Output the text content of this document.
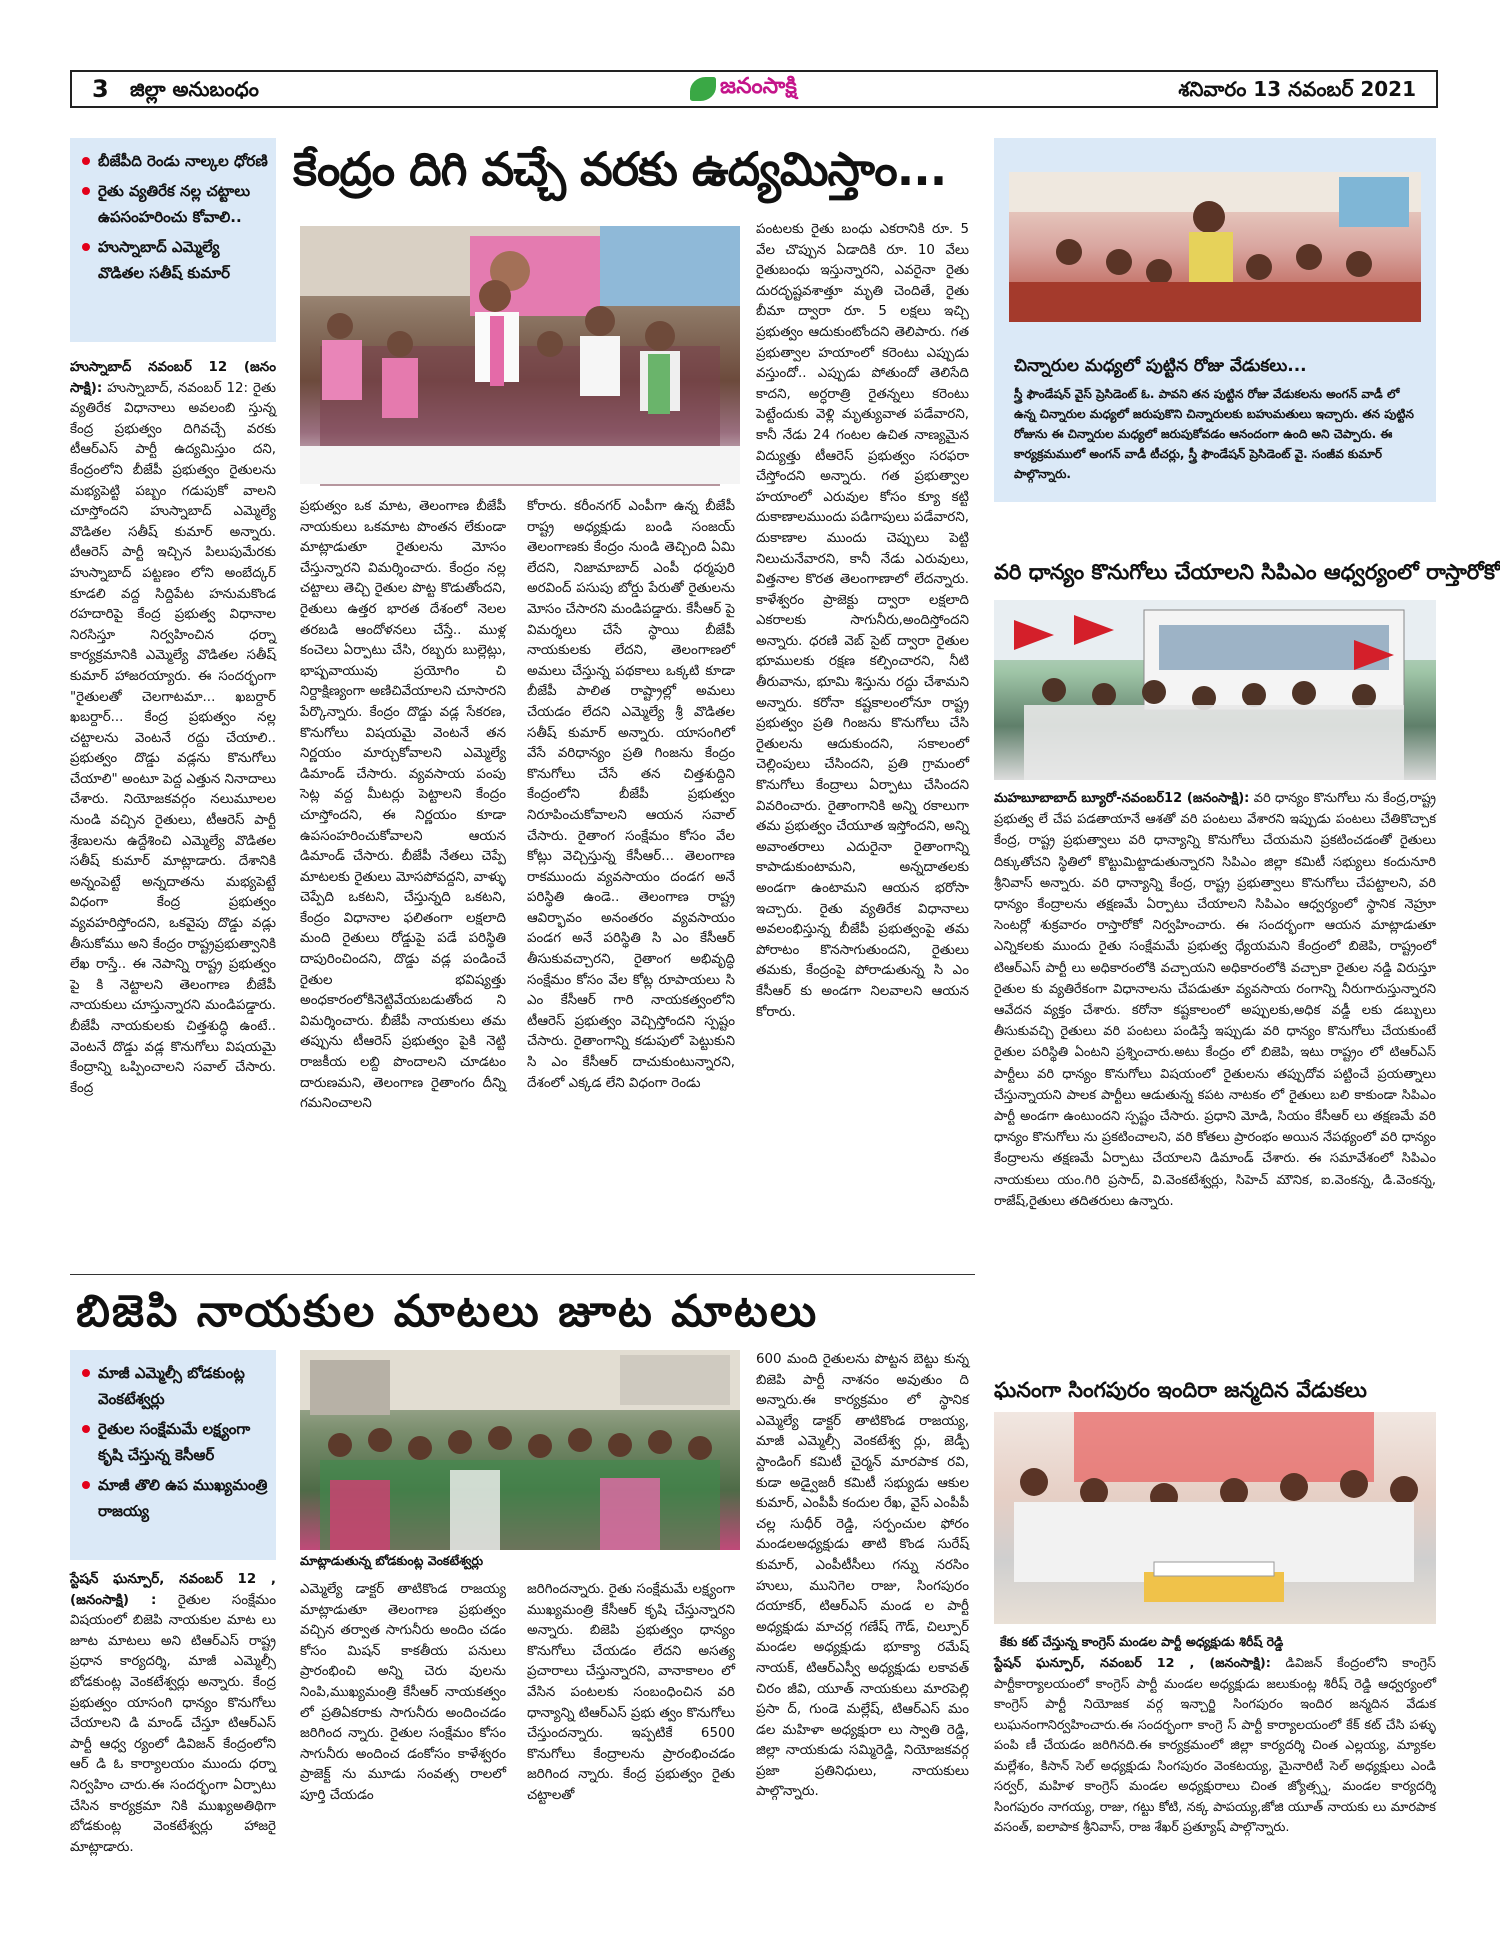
3 జిల్లా అనుబంధం	శనివారం 13 నవంబర్ 2021
జనంసాక్షి
బీజేపీది రెండు నాల్కల ధోరణి
రైతు వ్యతిరేక నల్ల చట్టాలు ఉపసంహరించు కోవాలి..
హుస్నాబాద్ ఎమ్మెల్యే వొడితల సతీష్ కుమార్
కేంద్రం దిగి వచ్చే వరకు ఉద్యమిస్తాం...
హుస్నాబాద్ నవంబర్ 12 (జనం సాక్షి): హుస్నాబాద్, నవంబర్ 12: రైతు వ్యతిరేక విధానాలు అవలంబి స్తున్న కేంద్ర ప్రభుత్వం దిగివచ్చే వరకు టీఆర్ఎస్ పార్టీ ఉద్యమిస్తుం దని, కేంద్రంలోని బీజేపీ ప్రభుత్వం రైతులను మభ్యపెట్టి పబ్బం గడుపుకో వాలని చూస్తోందని హుస్నాబాద్ ఎమ్మెల్యే వొడితల సతీష్ కుమార్ అన్నారు. టీఆరెస్ పార్టీ ఇచ్చిన పిలుపుమేరకు హుస్నాబాద్ పట్టణం లోని అంబేద్కర్ కూడలి వద్ద సిద్దిపేట హనుమకొండ రహదారిపై కేంద్ర ప్రభుత్వ విధానాల నిరసిస్తూ నిర్వహించిన ధర్నా కార్యక్రమానికి ఎమ్మెల్యే వొడితల సతీష్ కుమార్ హాజరయ్యారు. ఈ సందర్భంగా "రైతులతో చెలగాటమా... ఖబర్దార్ ఖబర్దార్... కేంద్ర ప్రభుత్వం నల్ల చట్టాలను వెంటనే రద్దు చేయాలి.. ప్రభుత్వం దొడ్డు వడ్లను కొనుగోలు చేయాలి" అంటూ పెద్ద ఎత్తున నినాదాలు చేశారు. నియోజకవర్గం నలుమూలల నుండి వచ్చిన రైతులు, టీఆరెస్ పార్టీ శ్రేణులను ఉద్దేశించి ఎమ్మెల్యే వొడితల సతీష్ కుమార్ మాట్లాడారు. దేశానికి అన్నంపెట్టే అన్నదాతను మభ్యపెట్టే విధంగా కేంద్ర ప్రభుత్వం వ్యవహరిస్తోందని, ఒకవైపు దొడ్డు వడ్లు తీసుకోము అని కేంద్రం రాష్ట్రప్రభుత్వానికి లేఖ రాస్తే.. ఈ నెపాన్ని రాష్ట్ర ప్రభుత్వం పై కి నెట్టాలని తెలంగాణ బీజేపీ నాయకులు చూస్తున్నారని మండిపడ్డారు. బీజేపీ నాయకులకు చిత్తశుద్ధి ఉంటే.. వెంటనే దొడ్డు వడ్ల కొనుగోలు విషయమై కేంద్రాన్ని ఒప్పించాలని సవాల్ చేసారు. కేంద్ర
ప్రభుత్వం ఒక మాట, తెలంగాణ బీజేపీ నాయకులు ఒకమాట పొంతన లేకుండా మాట్లాడుతూ రైతులను మోసం చేస్తున్నారని విమర్శించారు. కేంద్రం నల్ల చట్టాలు తెచ్చి రైతుల పొట్ట కొడుతోందని, రైతులు ఉత్తర భారత దేశంలో నెలల తరబడి ఆందోళనలు చేస్తే.. ముళ్ల కంచెలు ఏర్పాటు చేసి, రబ్బరు బుల్లెట్లు, భాష్పవాయువు ప్రయోగిం చి నిర్దాక్షిణ్యంగా అణిచివేయాలని చూసారని పేర్కొన్నారు. కేంద్రం దొడ్డు వడ్ల సేకరణ, కొనుగోలు విషయమై వెంటనే తన నిర్ణయం మార్చుకోవాలని ఎమ్మెల్యే డిమాండ్ చేసారు. వ్యవసాయ పంపు సెట్ల వద్ద మీటర్లు పెట్టాలని కేంద్రం చూస్తోందని, ఈ నిర్ణయం కూడా ఉపసంహరించుకోవాలని ఆయన డిమాండ్ చేసారు. బీజేపీ నేతలు చెప్పే మాటలకు రైతులు మోసపోవద్దని, వాళ్ళు చెప్పేది ఒకటని, చేస్తున్నది ఒకటని, కేంద్రం విధానాల ఫలితంగా లక్షలాది మంది రైతులు రోడ్డుపై పడే పరిస్థితి దాపురించిందని, దొడ్డు వడ్ల పండించే రైతుల భవిష్యత్తు అంధకారంలోకినెట్టివేయబడుతోంద ని విమర్శించారు. బీజేపీ నాయకులు తమ తప్పును టీఆరెస్ ప్రభుత్వం పైకి నెట్టి రాజకీయ లబ్ది పొందాలని చూడటం దారుణమని, తెలంగాణ రైతాంగం దీన్ని గమనించాలని
కోరారు. కరీంనగర్ ఎంపీగా ఉన్న బీజేపీ రాష్ట్ర అధ్యక్షుడు బండి సంజయ్ తెలంగాణకు కేంద్రం నుండి తెచ్చింది ఏమి లేదని, నిజామాబాద్ ఎంపీ ధర్మపురి అరవింద్ పసుపు బోర్డు పేరుతో రైతులను మోసం చేసారని మండిపడ్డారు. కేసీఆర్ పై విమర్శలు చేసే స్థాయి బీజేపీ నాయకులకు లేదని, తెలంగాణలో అమలు చేస్తున్న పథకాలు ఒక్కటి కూడా బీజేపీ పాలిత రాష్ట్రాల్లో అమలు చేయడం లేదని ఎమ్మెల్యే శ్రీ వొడితల సతీష్ కుమార్ అన్నారు. యాసంగిలో వేసే వరిధాన్యం ప్రతి గింజను కేంద్రం కొనుగోలు చేసే తన చిత్తశుద్దిని కేంద్రంలోని బీజేపీ ప్రభుత్వం నిరూపించుకోవాలని ఆయన సవాల్ చేసారు. రైతాంగ సంక్షేమం కోసం వేల కోట్లు వెచ్చిస్తున్న కేసీఆర్... తెలంగాణ రాకముందు వ్యవసాయం దండగ అనే పరిస్థితి ఉండె.. తెలంగాణ రాష్ట్ర ఆవిర్భావం అనంతరం వ్యవసాయం పండగ అనే పరిస్థితి సి ఎం కేసీఆర్ తీసుకువచ్చారని, రైతాంగ అభివృద్ధి సంక్షేమం కోసం వేల కోట్ల రూపాయలు సి ఎం కేసీఆర్ గారి నాయకత్వంలోని టీఆరెస్ ప్రభుత్వం వెచ్చిస్తోందని స్పష్టం చేసారు. రైతాంగాన్ని కడుపులో పెట్టుకుని సి ఎం కేసీఆర్ దాచుకుంటున్నారని, దేశంలో ఎక్కడ లేని విధంగా రెండు
పంటలకు రైతు బంధు ఎకరానికి రూ. 5 వేల చొప్పున ఏడాదికి రూ. 10 వేలు రైతుబంధు ఇస్తున్నారని, ఎవరైనా రైతు దురదృష్టవశాత్తూ మృతి చెందితే, రైతు బీమా ద్వారా రూ. 5 లక్షలు ఇచ్చి ప్రభుత్వం ఆదుకుంటోందని తెలిపారు. గత ప్రభుత్వాల హయాంలో కరెంటు ఎప్పుడు వస్తుందో.. ఎప్పుడు పోతుందో తెలిసేది కాదని, అర్ధరాత్రి రైతన్నలు కరెంటు పెట్టేందుకు వెళ్లి మృత్యువాత పడేవారని, కానీ నేడు 24 గంటల ఉచిత నాణ్యమైన విద్యుత్తు టీఆరెస్ ప్రభుత్వం సరఫరా చేస్తోందని అన్నారు. గత ప్రభుత్వాల హయాంలో ఎరువుల కోసం క్యూ కట్టి దుకాణాలముందు పడిగాపులు పడేవారని, దుకాణాల ముందు చెప్పులు పెట్టి నిలుచునేవారని, కానీ నేడు ఎరువులు, విత్తనాల కొరత తెలంగాణాలో లేదన్నారు. కాళేశ్వరం ప్రాజెక్టు ద్వారా లక్షలాది ఎకరాలకు సాగునీరు,అందిస్తోందని అన్నారు. ధరణి వెబ్ సైట్ ద్వారా రైతుల భూములకు రక్షణ కల్పించారని, నీటి తీరువాను, భూమి శిస్తును రద్దు చేశామని అన్నారు. కరోనా కష్టకాలంలోనూ రాష్ట్ర ప్రభుత్వం ప్రతి గింజను కొనుగోలు చేసి రైతులను ఆదుకుందని, సకాలంలో చెల్లింపులు చేసిందని, ప్రతి గ్రామంలో కొనుగోలు కేంద్రాలు ఏర్పాటు చేసిందని వివరించారు. రైతాంగానికి అన్ని రకాలుగా తమ ప్రభుత్వం చేయూత ఇస్తోందని, అన్ని అవాంతరాలు ఎదురైనా రైతాంగాన్ని కాపాడుకుంటామని, అన్నదాతలకు అండగా ఉంటామని ఆయన భరోసా ఇచ్చారు. రైతు వ్యతిరేక విధానాలు అవలంభిస్తున్న బీజేపీ ప్రభుత్వంపై తమ పోరాటం కొనసాగుతుందని, రైతులు తమకు, కేంద్రంపై పోరాడుతున్న సి ఎం కేసీఆర్ కు అండగా నిలవాలని ఆయన కోరారు.
బిజెపి నాయకుల మాటలు జూట మాటలు
మాజీ ఎమ్మెల్సీ బోడకుంట్ల వెంకటేశ్వర్లు
రైతుల సంక్షేమమే లక్ష్యంగా కృషి చేస్తున్న కెసీఆర్
మాజీ తొలి ఉప ముఖ్యమంత్రి రాజయ్య
మాట్లాడుతున్న బోడకుంట్ల వెంకటేశ్వర్లు
స్టేషన్ ఘన్పూర్, నవంబర్ 12 , (జనంసాక్షి) : రైతుల సంక్షేమం విషయంలో బిజెపి నాయకుల మాట లు జూట మాటలు అని టిఆర్ఎస్ రాష్ట్ర ప్రధాన కార్యదర్శి, మాజీ ఎమ్మెల్సీ బోడకుంట్ల వెంకటేశ్వర్లు అన్నారు. కేంద్ర ప్రభుత్వం యాసంగి ధాన్యం కొనుగోలు చేయాలని డి మాండ్ చేస్తూ టిఆర్ఎస్ పార్టీ ఆధ్వ ర్యంలో డివిజన్ కేంద్రంలోని ఆర్ డి ఓ కార్యాలయం ముందు ధర్నా నిర్వహిం చారు.ఈ సందర్భంగా ఏర్పాటు చేసిన కార్యక్రమా నికి ముఖ్యఅతిథిగా బోడకుంట్ల వెంకటేశ్వర్లు హాజరై మాట్లాడారు.
ఎమ్మెల్యే డాక్టర్ తాటికొండ రాజయ్య మాట్లాడుతూ తెలంగాణ ప్రభుత్వం వచ్చిన తర్వాత సాగునీరు అందిం చడం కోసం మిషన్ కాకతీయ పనులు ప్రారంభించి అన్ని చెరు వులను నింపి,ముఖ్యమంత్రి కేసీఆర్ నాయకత్వం లో ప్రతిఏకరాకు సాగునీరు అందించడం జరిగింద న్నారు. రైతుల సంక్షేమం కోసం సాగునీరు అందించ డంకోసం కాళేశ్వరం ప్రాజెక్ట్ ను మూడు సంవత్స రాలలో పూర్తి చేయడం
జరిగిందన్నారు. రైతు సంక్షేమమే లక్ష్యంగా ముఖ్యమంత్రి కేసీఆర్ కృషి చేస్తున్నారని అన్నారు. బిజెపి ప్రభుత్వం ధాన్యం కొనుగోలు చేయడం లేదని అసత్య ప్రచారాలు చేస్తున్నారని, వానాకాలం లో వేసిన పంటలకు సంబంధించిన వరి ధాన్యాన్ని టిఆర్ఎస్ ప్రభు త్వం కొనుగోలు చేస్తుందన్నారు. ఇప్పటికే 6500 కొనుగోలు కేంద్రాలను ప్రారంభించడం జరిగింద న్నారు. కేంద్ర ప్రభుత్వం రైతు చట్టాలతో
600 మంది రైతులను పొట్టన బెట్టు కున్న బిజెపి పార్టీ నాశనం అవుతుం ది అన్నారు.ఈ కార్యక్రమం లో స్థానిక ఎమ్మెల్యే డాక్టర్ తాటికొండ రాజయ్య, మాజీ ఎమ్మెల్సీ వెంకటేశ్వ ర్లు, జెడ్పీ స్టాండింగ్ కమిటీ చైర్మన్ మారపాక రవి, కుడా అడ్వైజరీ కమిటీ సభ్యుడు ఆకుల కుమార్, ఎంపీపీ కందుల రేఖ, వైస్ ఎంపీపీ చల్ల సుధీర్ రెడ్డి, సర్పంచుల ఫోరం మండలఅధ్యక్షుడు తాటి కొండ సురేష్ కుమార్, ఎంపీటీసీలు గన్ను నరసిం హులు, మునిగెల రాజు, సింగపురం దయాకర్, టిఆర్ఎస్ మండ ల పార్టీ అధ్యక్షుడు మాచర్ల గణేష్ గౌడ్, చిల్పూర్ మండల అధ్యక్షుడు భూక్యా రమేష్ నాయక్, టిఆర్ఎస్వీ అధ్యక్షుడు లకావత్ చిరం జీవి, యూత్ నాయకులు మారపెల్లి ప్రసా ద్, గుండె మల్లేష్, టిఆర్ఎస్ మం డల మహిళా అధ్యక్షురా లు స్వాతి రెడ్డి, జిల్లా నాయకుడు సమ్మిరెడ్డి, నియోజకవర్గ ప్రజా ప్రతినిధులు, నాయకులు పాల్గొన్నారు.
చిన్నారుల మధ్యలో పుట్టిన రోజు వేడుకలు...
స్త్రీ ఫౌండేషన్ వైస్ ప్రెసిడెంట్ ఓ. పావని తన పుట్టిన రోజు వేడుకలను అంగన్ వాడీ లో ఉన్న చిన్నారుల మధ్యలో జరుపుకొని చిన్నారులకు బహుమతులు ఇచ్చారు. తన పుట్టిన రోజును ఈ చిన్నారుల మధ్యలో జరుపుకోవడం ఆనందంగా ఉంది అని చెప్పారు. ఈ కార్యక్రమములో అంగన్ వాడీ టీచర్లు, స్త్రీ ఫౌండేషన్ ప్రెసిడెంట్ వై. సంజీవ కుమార్ పాల్గొన్నారు.
వరి ధాన్యం కొనుగోలు చేయాలని సిపిఎం ఆధ్వర్యంలో రాస్తారోకో
మహబూబాబాద్ బ్యూరో-నవంబర్12 (జనంసాక్షి): వరి ధాన్యం కొనుగోలు ను కేంద్ర,రాష్ట్ర ప్రభుత్వ లే చేప పడతాయానే ఆశతో వరి పంటలు వేశారని ఇప్పుడు పంటలు చేతికొచ్చాక కేంద్ర, రాష్ట్ర ప్రభుత్వాలు వరి ధాన్యాన్ని కొనుగోలు చేయమని ప్రకటించడంతో రైతులు దిక్కుతోచని స్థితిలో కొట్టుమిట్టాడుతున్నారని సిపిఎం జిల్లా కమిటీ సభ్యులు కందునూరి శ్రీనివాస్ అన్నారు. వరి ధాన్యాన్ని కేంద్ర, రాష్ట్ర ప్రభుత్వాలు కొనుగోలు చేపట్టాలని, వరి ధాన్యం కేంద్రాలను తక్షణమే ఏర్పాటు చేయాలని సిపిఎం ఆధ్వర్యంలో స్థానిక నెహ్రూ సెంటర్లో శుక్రవారం రాస్తారోకో నిర్వహించారు. ఈ సందర్భంగా ఆయన మాట్లాడుతూ ఎన్నికలకు ముందు రైతు సంక్షేమమే ప్రభుత్వ ధ్యేయమని కేంద్రంలో బిజెపి, రాష్ట్రంలో టిఆర్ఎస్ పార్టీ లు అధికారంలోకి వచ్చాయని అధికారంలోకి వచ్చాకా రైతుల నడ్డి విరుస్తూ రైతుల కు వ్యతిరేకంగా విధానాలను చేపడుతూ వ్యవసాయ రంగాన్ని నీరుగారుస్తున్నారని ఆవేదన వ్యక్తం చేశారు. కరోనా కష్టకాలంలో అప్పులకు,అధిక వడ్డీ లకు డబ్బులు తీసుకువచ్చి రైతులు వరి పంటలు పండిస్తే ఇప్పుడు వరి ధాన్యం కొనుగోలు చేయకుంటే రైతుల పరిస్థితి ఏంటని ప్రశ్నించారు.అటు కేంద్రం లో బిజెపి, ఇటు రాష్ట్రం లో టిఆర్ఎస్ పార్టీలు వరి ధాన్యం కొనుగోలు విషయంలో రైతులను తప్పుదోవ పట్టించే ప్రయత్నాలు చేస్తున్నాయని పాలక పార్టీలు ఆడుతున్న కపట నాటకం లో రైతులు బలి కాకుండా సిపిఎం పార్టీ అండగా ఉంటుందని స్పష్టం చేసారు. ప్రధాని మోడి, సియం కేసీఆర్ లు తక్షణమే వరి ధాన్యం కొనుగోలు ను ప్రకటించాలని, వరి కోతలు ప్రారంభం అయిన నేపథ్యంలో వరి ధాన్యం కేంద్రాలను తక్షణమే ఏర్పాటు చేయాలని డిమాండ్ చేశారు. ఈ సమావేశంలో సిపిఎం నాయకులు యం.గిరి ప్రసాద్, వి.వెంకటేశ్వర్లు, సిహెచ్ మౌనిక, ఐ.వెంకన్న, డి.వెంకన్న, రాజేష్,రైతులు తదితరులు ఉన్నారు.
ఘనంగా సింగపురం ఇందిరా జన్మదిన వేడుకలు
కేకు కట్ చేస్తున్న కాంగ్రెస్ మండల పార్టీ అధ్యక్షుడు శిరీష్ రెడ్డి
స్టేషన్ ఘన్పూర్, నవంబర్ 12 , (జనంసాక్షి): డివిజన్ కేంద్రంలోని కాంగ్రెస్ పార్టీకార్యాలయంలో కాంగ్రెస్ పార్టీ మండల అధ్యక్షుడు జలుకుంట్ల శిరీష్ రెడ్డి ఆధ్వర్యంలో కాంగ్రెస్ పార్టీ నియోజక వర్గ ఇన్చార్జి సింగపురం ఇందిర జన్మదిన వేడుక లుఘనంగానిర్వహించారు.ఈ సందర్భంగా కాంగ్రె స్ పార్టీ కార్యాలయంలో కేక్ కట్ చేసి పళ్ళు పంపి ణీ చేయడం జరిగినది.ఈ కార్యక్రమంలో జిల్లా కార్యదర్శి చింత ఎల్లయ్య, మ్యాకల మల్లేశం, కిసాన్ సెల్ అధ్యక్షుడు సింగపురం వెంకటయ్య, మైనారిటీ సెల్ అధ్యక్షులు ఎండి సర్వర్, మహిళ కాంగ్రెస్ మండల అధ్యక్షురాలు చింత జ్యోత్స్న, మండల కార్యదర్శి సింగపురం నాగయ్య, రాజు, గట్టు కోటి, నక్క పాపయ్య,జోజి యూత్ నాయకు లు మారపాక వసంత్, ఐలాపాక శ్రీనివాస్, రాజ శేఖర్ ప్రత్యూష్ పాల్గొన్నారు.
